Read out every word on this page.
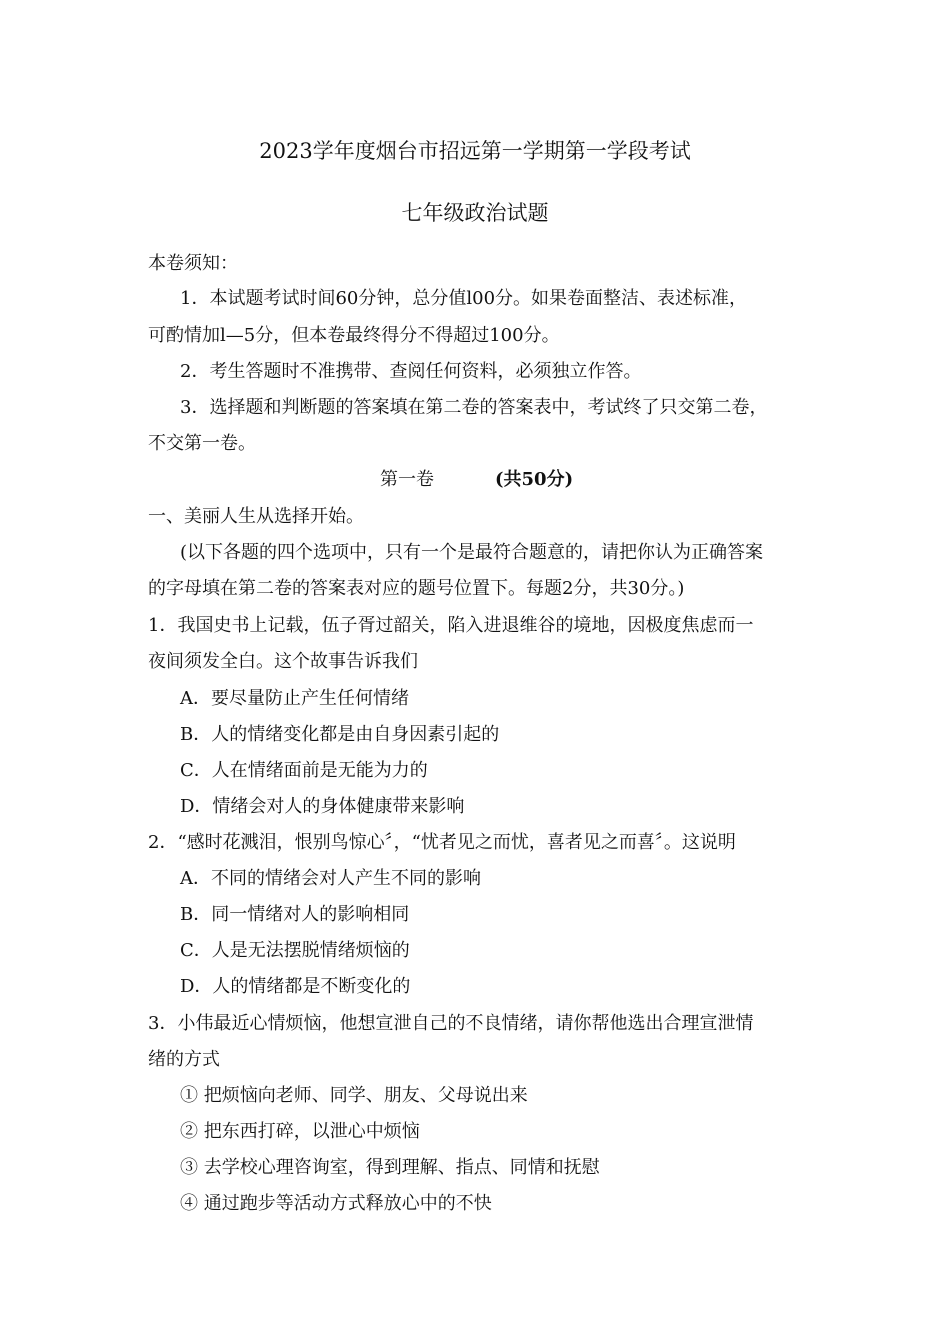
2023学年度烟台市招远第一学期第一学段考试
七年级政治试题
本卷须知：
1．本试题考试时间60分钟，总分值l00分。如果卷面整洁、表述标准，
可酌情加l—5分，但本卷最终得分不得超过100分。
2．考生答题时不准携带、查阅任何资料，必须独立作答。
3．选择题和判断题的答案填在第二卷的答案表中，考试终了只交第二卷，
不交第一卷。
第一卷	(共50分)
一、美丽人生从选择开始。
(以下各题的四个选项中，只有一个是最符合题意的，请把你认为正确答案
的字母填在第二卷的答案表对应的题号位置下。每题2分，共30分。)
1．我国史书上记载，伍子胥过韶关，陷入进退维谷的境地，因极度焦虑而一
夜间须发全白。这个故事告诉我们
A．要尽量防止产生任何情绪
B．人的情绪变化都是由自身因素引起的
C．人在情绪面前是无能为力的
D．情绪会对人的身体健康带来影响
2．“感时花溅泪，恨别鸟惊心〞，“忧者见之而忧，喜者见之而喜〞。这说明
A．不同的情绪会对人产生不同的影响
B．同一情绪对人的影响相同
C．人是无法摆脱情绪烦恼的
D．人的情绪都是不断变化的
3．小伟最近心情烦恼，他想宣泄自己的不良情绪，请你帮他选出合理宣泄情
绪的方式
① 把烦恼向老师、同学、朋友、父母说出来
② 把东西打碎，以泄心中烦恼
③ 去学校心理咨询室，得到理解、指点、同情和抚慰
④ 通过跑步等活动方式释放心中的不快
